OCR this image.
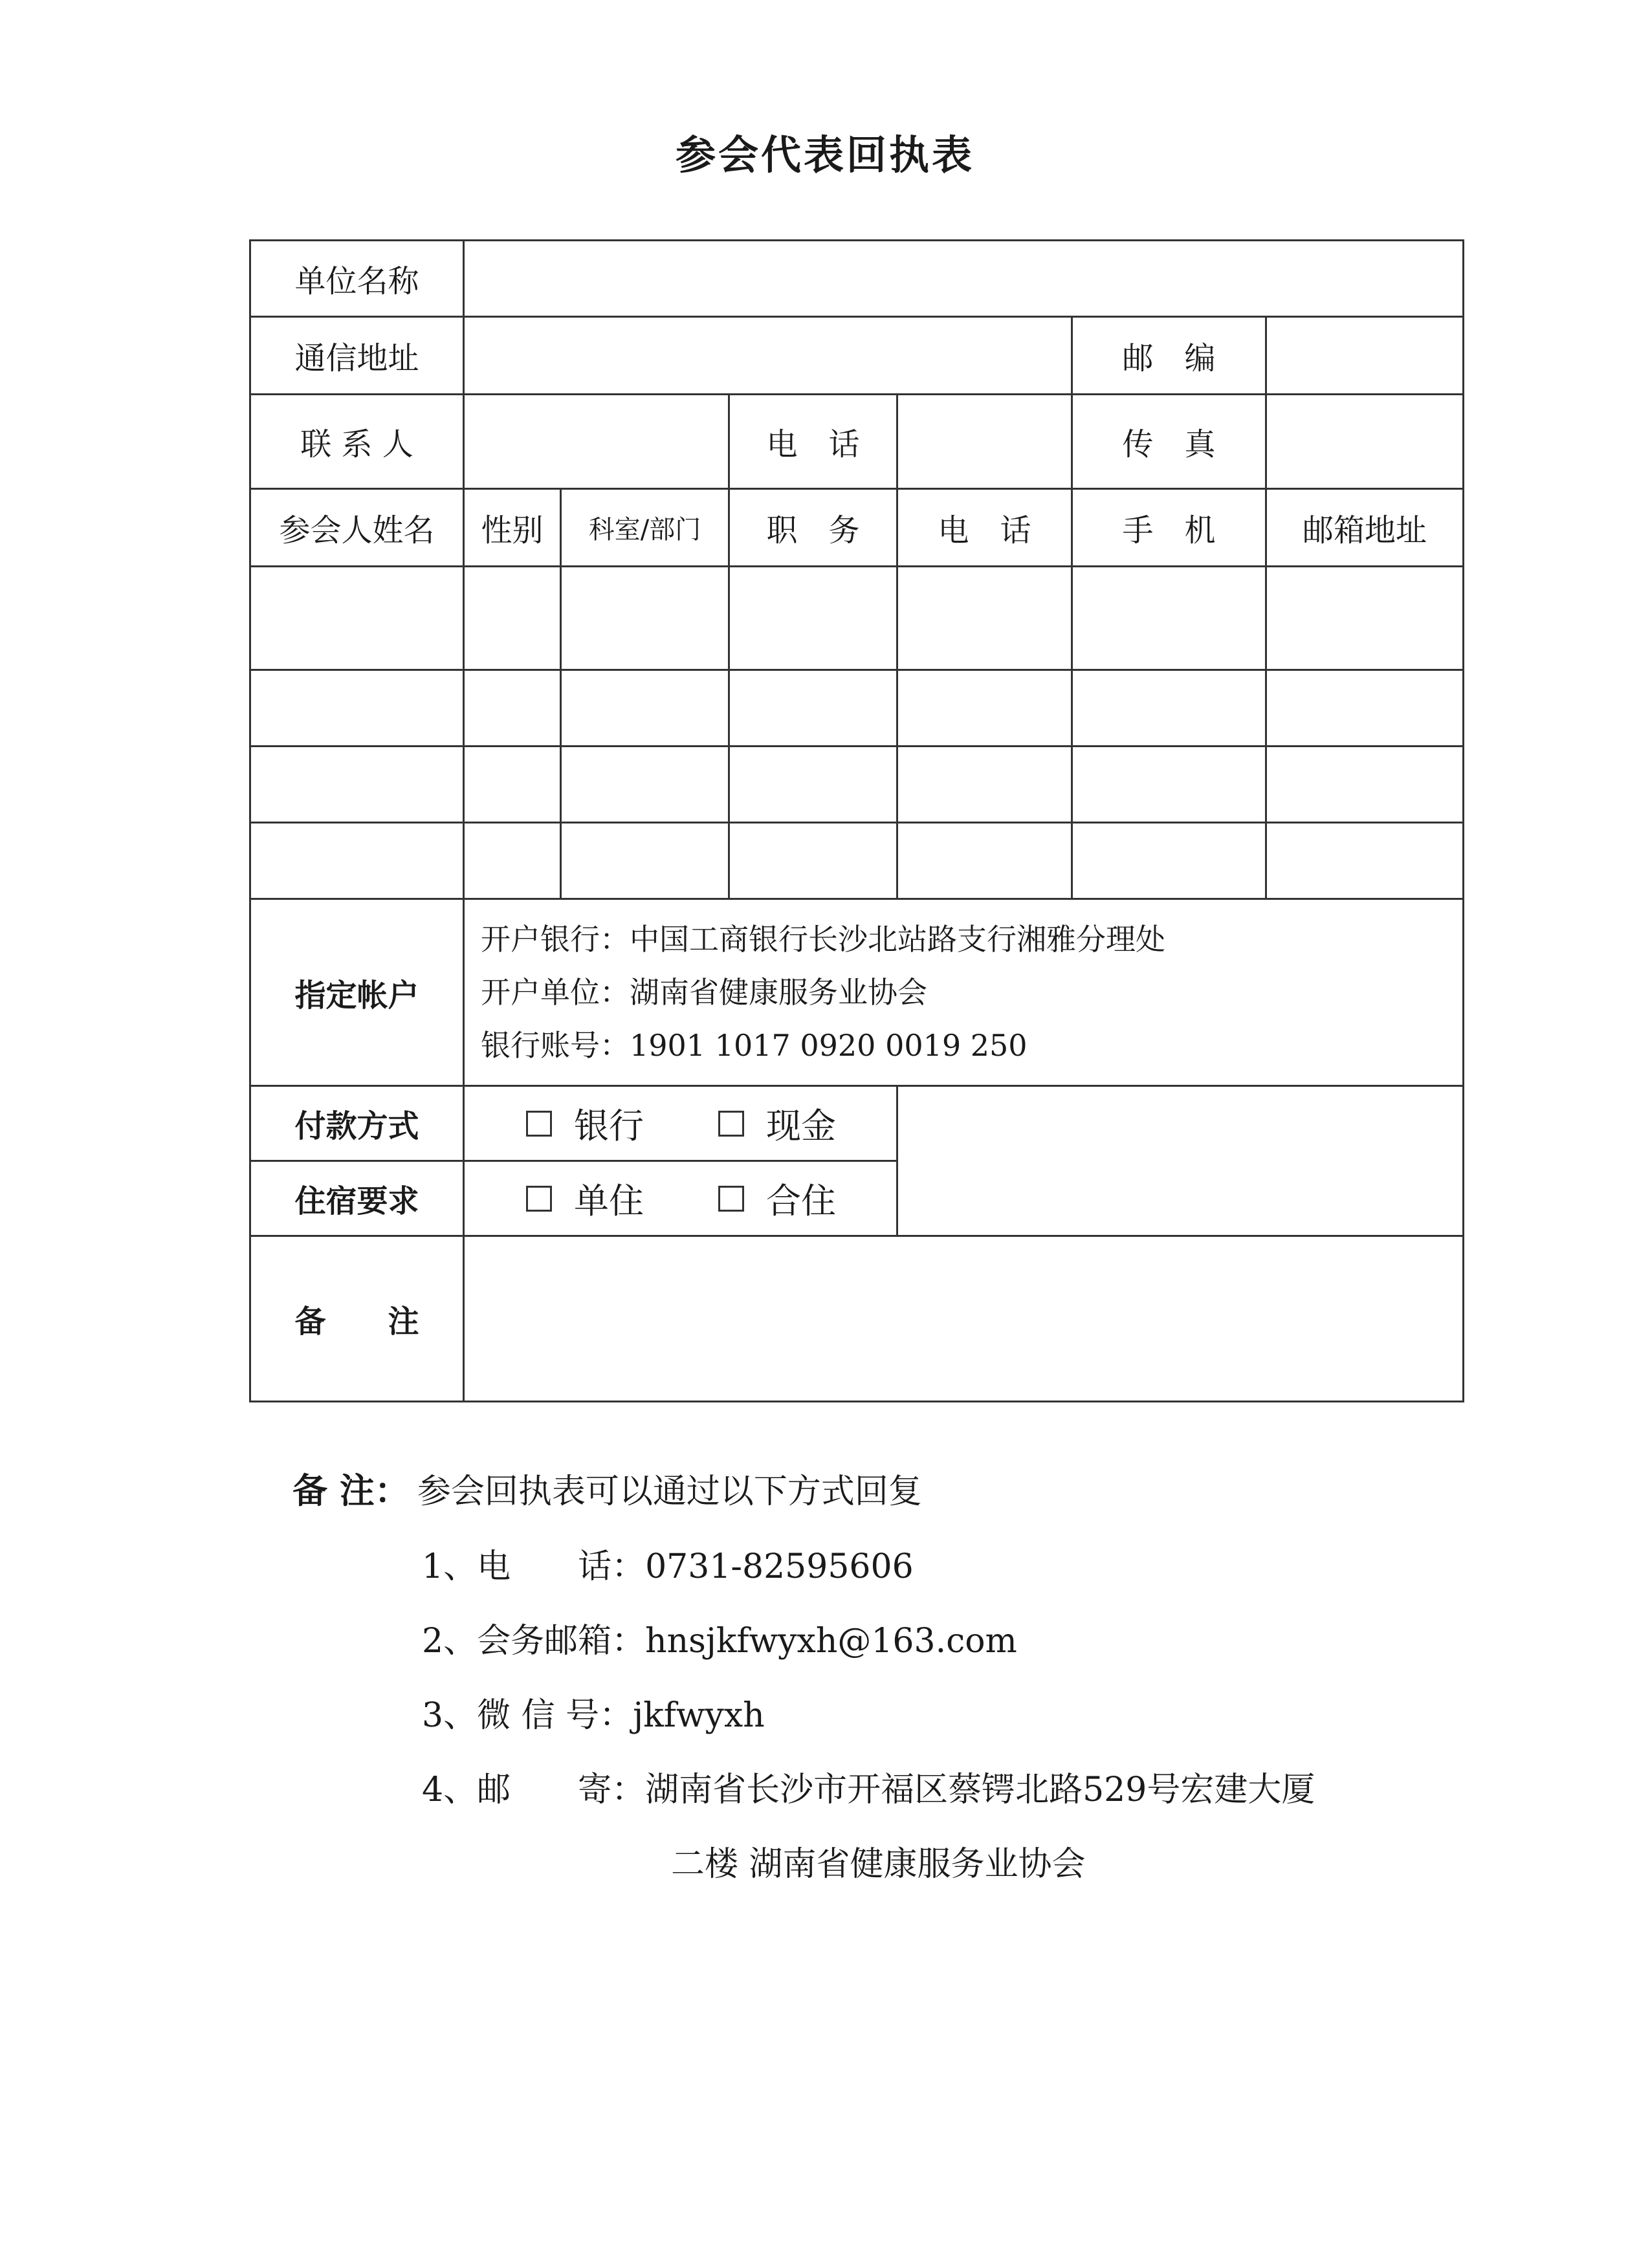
参会代表回执表
单位名称						
通信地址					邮　编	
联 系 人			电　话		传　真	
参会人姓名	性别	科室/部门	职　务	电　话	手　机	邮箱地址

指定帐户	开户银行：中国工商银行长沙北站路支行湘雅分理处
开户单位：湖南省健康服务业协会
银行账号：1901 1017 0920 0019 250					

付款方式	银行 现金					

住宿要求	单住 合住					

备　　注						
备 注： 参会回执表可以通过以下方式回复
1、电　　话：0731-82595606
2、会务邮箱：hnsjkfwyxh@163.com
3、微 信 号：jkfwyxh
4、邮　　寄：湖南省长沙市开福区蔡锷北路529号宏建大厦
二楼 湖南省健康服务业协会
